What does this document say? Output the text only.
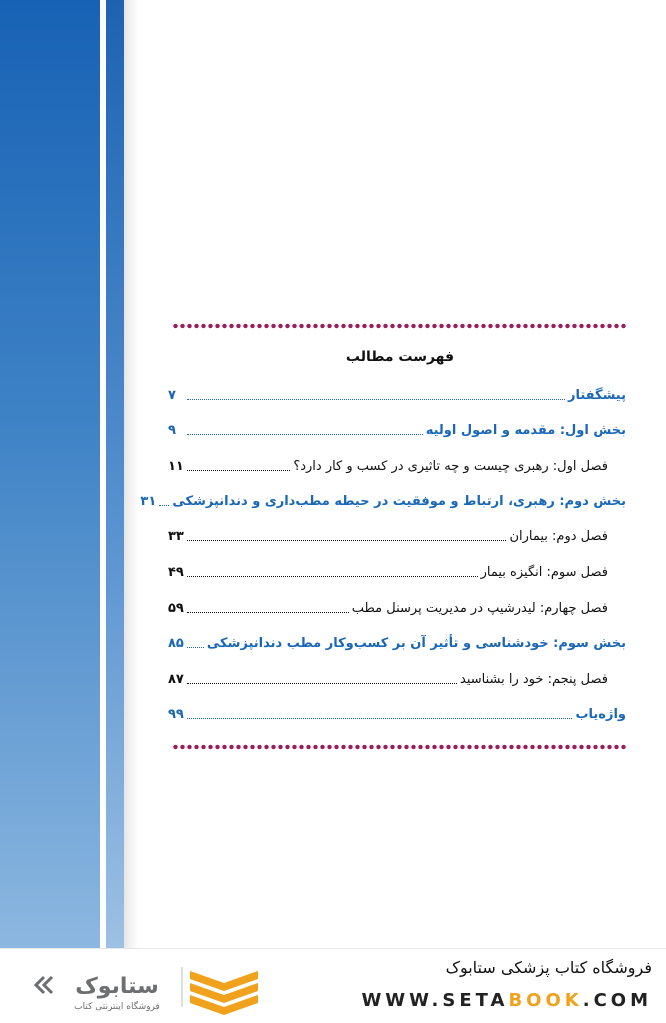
فهرست مطالب
پیشگفتار
۷
بخش اول: مقدمه و اصول اولیه
۹
فصل اول: رهبری چیست و چه تاثیری در کسب و کار دارد؟
۱۱
بخش دوم: رهبری، ارتباط و موفقیت در حیطه مطب‌داری و دندانپزشکی
۳۱
فصل دوم: بیماران
۳۳
فصل سوم: انگیزه بیمار
۴۹
فصل چهارم: لیدرشیپ در مدیریت پرسنل مطب
۵۹
بخش سوم: خودشناسی و تأثیر آن بر کسب‌وکار مطب دندانپزشکی
۸۵
فصل پنجم: خود را بشناسید
۸۷
واژه‌یاب
۹۹
ستابوک
فروشگاه اینترنتی کتاب
فروشگاه کتاب پزشکی ستابوک
WWW.SETABOOK.COM
